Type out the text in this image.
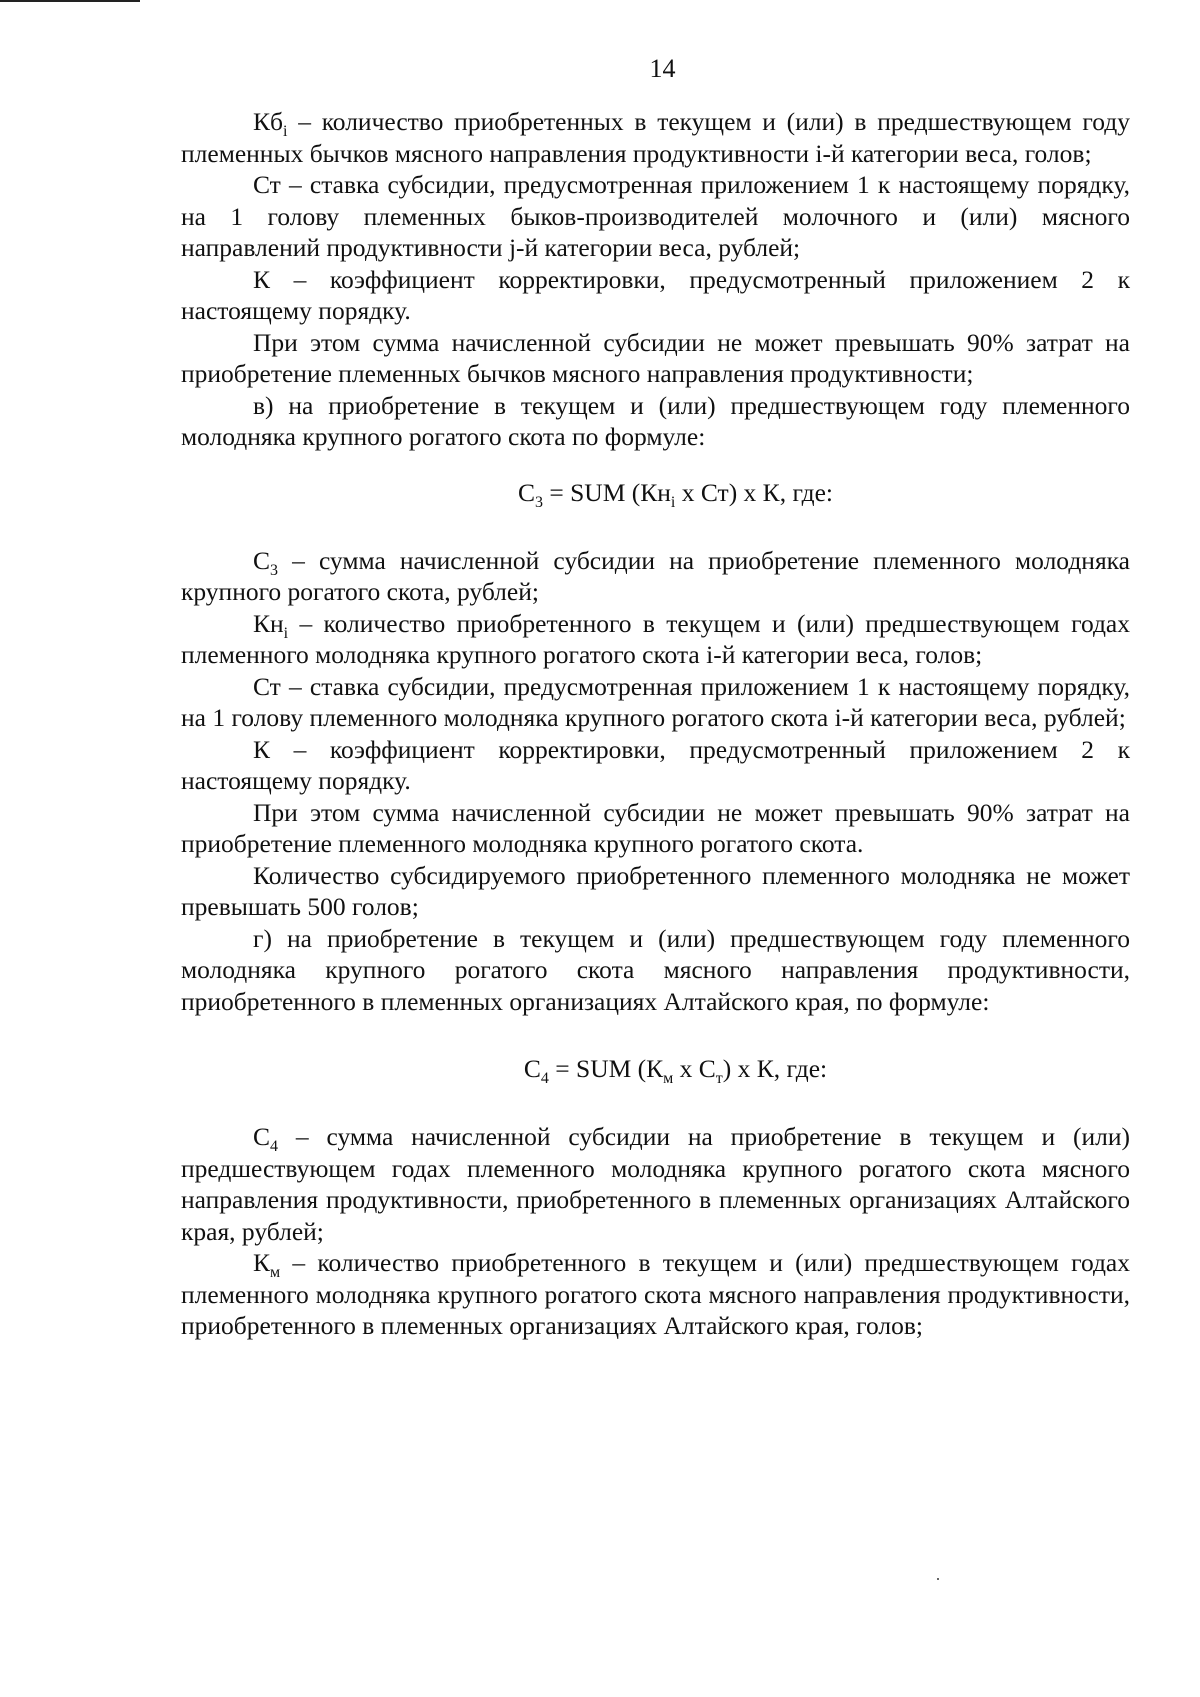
14

$Кб_i$ – количество приобретенных в текущем и (или) в предшествующем году племенных бычков мясного направления продуктивности i-й категории веса, голов;

Ст – ставка субсидии, предусмотренная приложением 1 к настоящему порядку, на 1 голову племенных быков-производителей молочного и (или) мясного направлений продуктивности j-й категории веса, рублей;

К – коэффициент корректировки, предусмотренный приложением 2 к настоящему порядку.

При этом сумма начисленной субсидии не может превышать 90% затрат на приобретение племенных бычков мясного направления продуктивности;

в) на приобретение в текущем и (или) предшествующем году племенного молодняка крупного рогатого скота по формуле:

$C_3$ = SUM ($Кн_i$ x Ст) x К, где:

$С_3$ – сумма начисленной субсидии на приобретение племенного молодняка крупного рогатого скота, рублей;

$Кн_i$ – количество приобретенного в текущем и (или) предшествующем годах племенного молодняка крупного рогатого скота i-й категории веса, голов;

Ст – ставка субсидии, предусмотренная приложением 1 к настоящему порядку, на 1 голову племенного молодняка крупного рогатого скота i-й категории веса, рублей;

К – коэффициент корректировки, предусмотренный приложением 2 к настоящему порядку.

При этом сумма начисленной субсидии не может превышать 90% затрат на приобретение племенного молодняка крупного рогатого скота.

Количество субсидируемого приобретенного племенного молодняка не может превышать 500 голов;

г) на приобретение в текущем и (или) предшествующем году племенного молодняка крупного рогатого скота мясного направления продуктивности, приобретенного в племенных организациях Алтайского края, по формуле:

$C_4$ = SUM ($К_м$ x $С_т$) x К, где:

$С_4$ – сумма начисленной субсидии на приобретение в текущем и (или) предшествующем годах племенного молодняка крупного рогатого скота мясного направления продуктивности, приобретенного в племенных организациях Алтайского края, рублей;

$К_м$ – количество приобретенного в текущем и (или) предшествующем годах племенного молодняка крупного рогатого скота мясного направления продуктивности, приобретенного в племенных организациях Алтайского края, голов;
